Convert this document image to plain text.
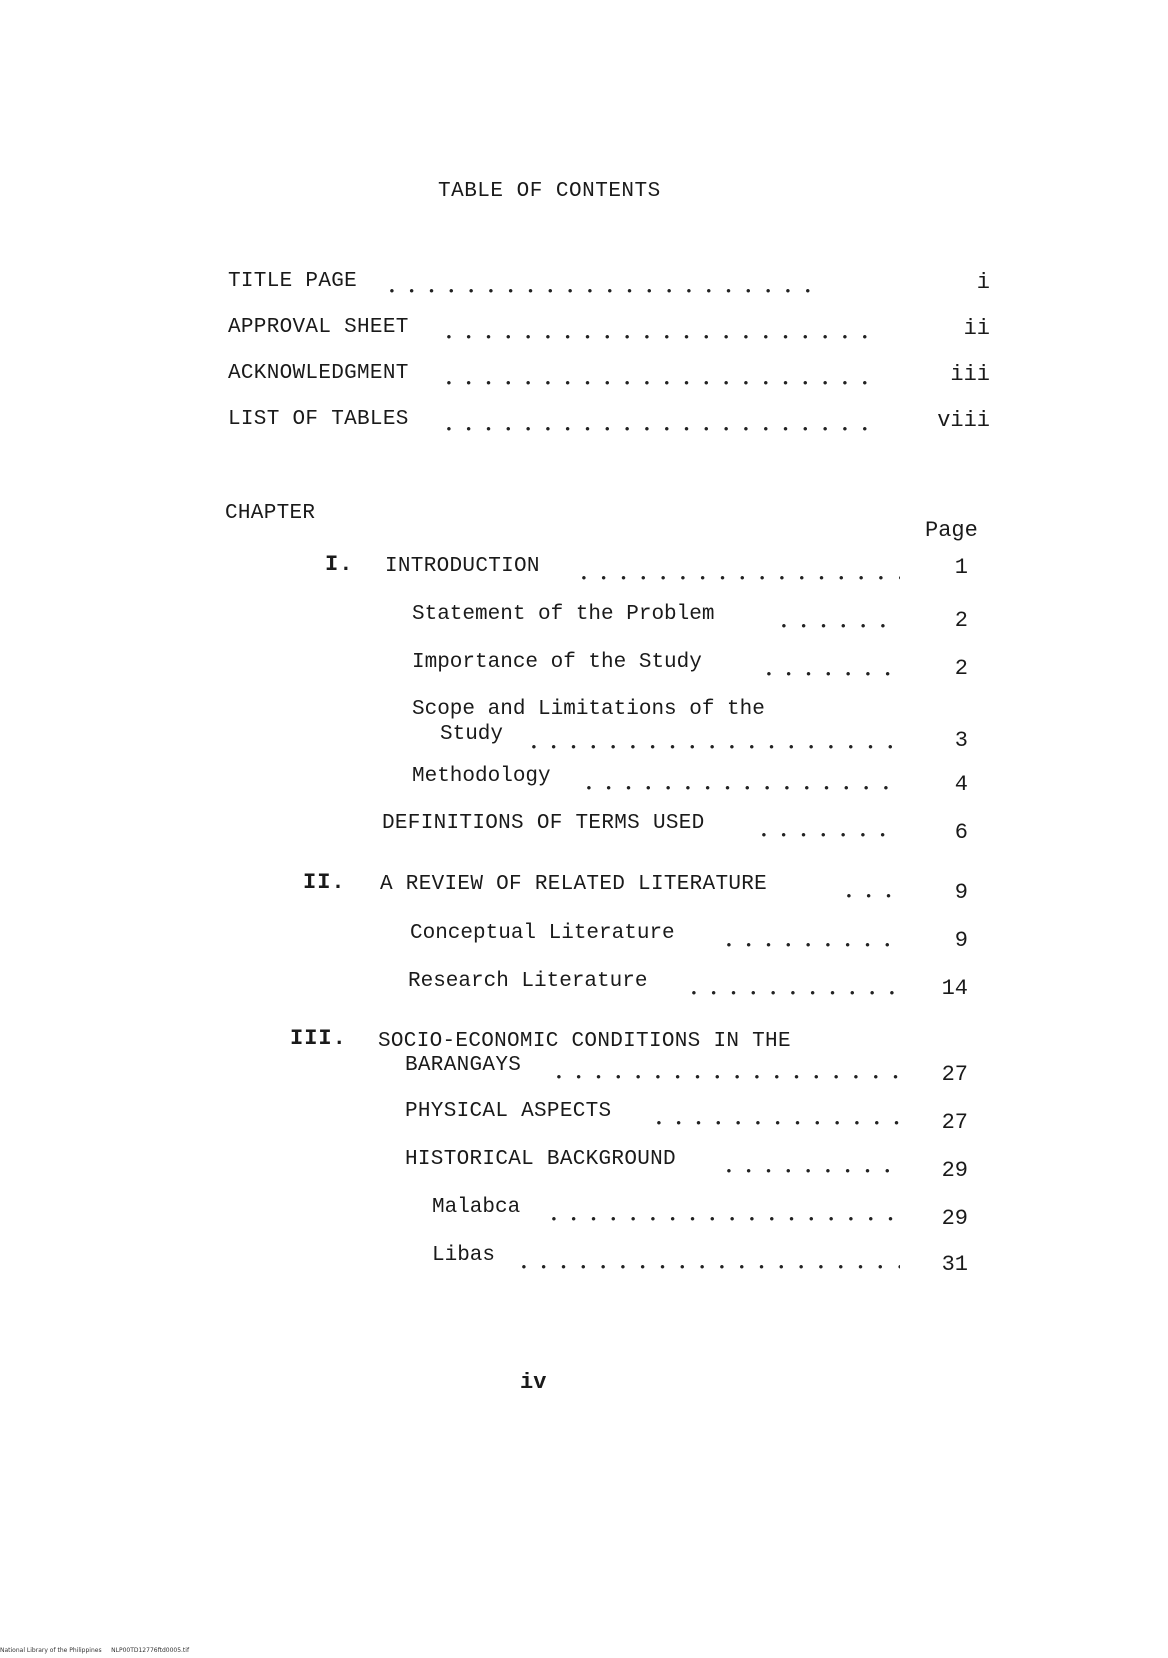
TABLE OF CONTENTS
TITLE PAGE •••••	i
APPROVAL SHEET •••••	ii
ACKNOWLEDGMENT •••••	iii
LIST OF TABLES •••••	viii
CHAPTER
Page
I. INTRODUCTION •••••	1
Statement of the Problem •••••	2
Importance of the Study •••••	2
Scope and Limitations of the
Study •••••	3
Methodology •••••	4
DEFINITIONS OF TERMS USED •••••	6
II. A REVIEW OF RELATED LITERATURE •••••	9
Conceptual Literature •••••	9
Research Literature •••••	14
III. SOCIO-ECONOMIC CONDITIONS IN THE
BARANGAYS •••••	27
PHYSICAL ASPECTS •••••	27
HISTORICAL BACKGROUND •••••	29
Malabca •••••	29
Libas •••••	31
iv
National Library of the Philippines NLP00TD12776ftd0005.tif
